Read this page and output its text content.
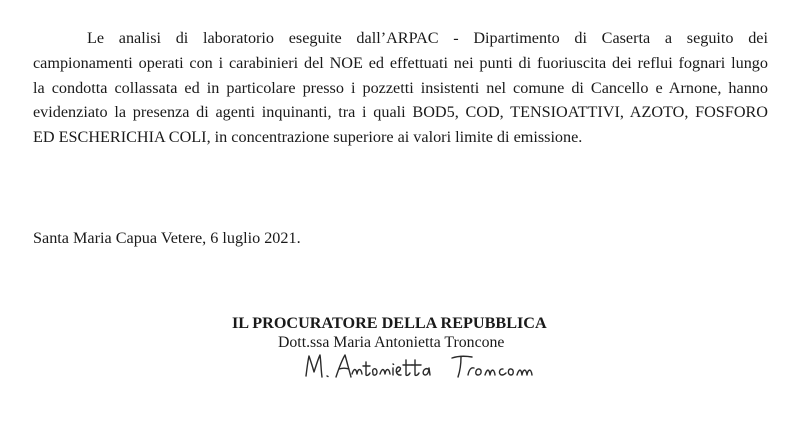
Le analisi di laboratorio eseguite dall’ARPAC - Dipartimento di Caserta a seguito dei
campionamenti operati con i carabinieri del NOE ed effettuati nei punti di fuoriuscita dei reflui fognari lungo
la condotta collassata ed in particolare presso i pozzetti insistenti nel comune di Cancello e Arnone, hanno
evidenziato la presenza di agenti inquinanti, tra i quali BOD5, COD, TENSIOATTIVI, AZOTO, FOSFORO
ED ESCHERICHIA COLI, in concentrazione superiore ai valori limite di emissione.

Santa Maria Capua Vetere, 6 luglio 2021.

IL PROCURATORE DELLA REPUBBLICA

Dott.ssa Maria Antonietta Troncone
